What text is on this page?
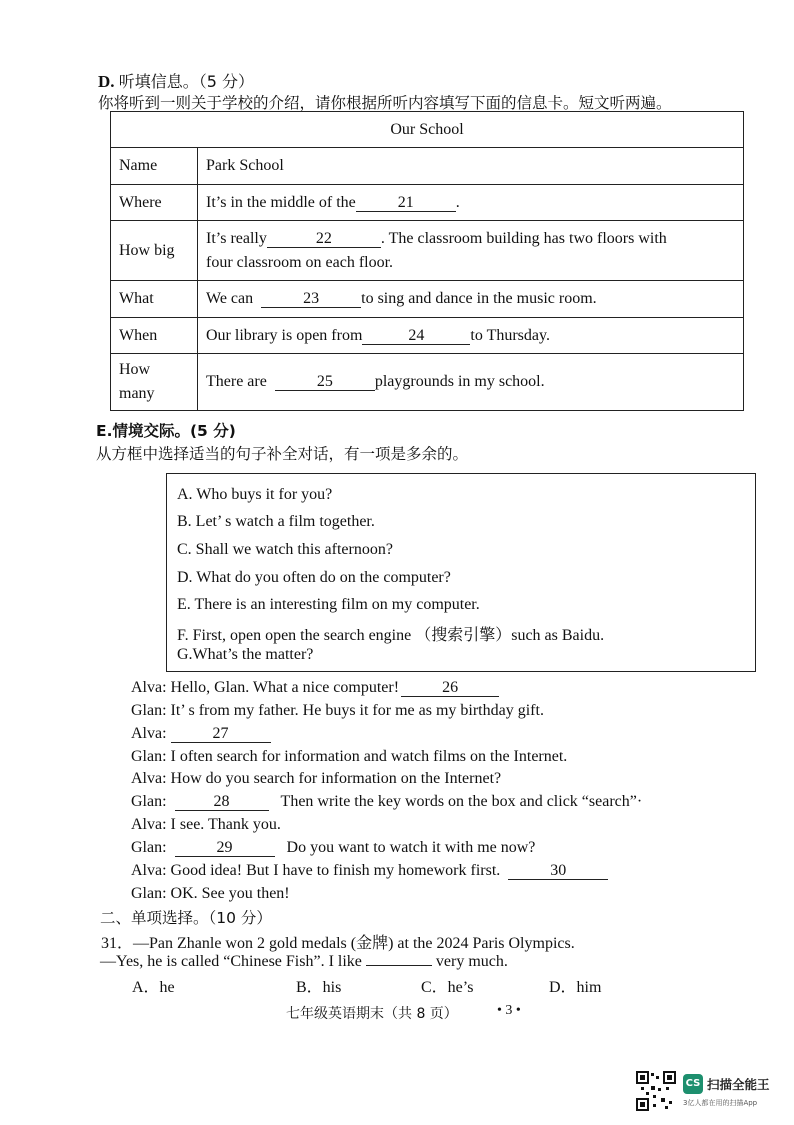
D. 听填信息。（5 分）
你将听到一则关于学校的介绍，请你根据所听内容填写下面的信息卡。短文听两遍。
Our School	
Name	Park School
Where	It’s in the middle of the 21 .
How big	It’s really 22 . The classroom building has two floors with
four classroom on each floor.
What	We can 23 to sing and dance in the music room.
When	Our library is open from 24 to Thursday.
How
many	There are 25 playgrounds in my school.
E.情境交际。(5 分)
从方框中选择适当的句子补全对话，有一项是多余的。
A. Who buys it for you?
B. Let’ s watch a film together.
C. Shall we watch this afternoon?
D. What do you often do on the computer?
E. There is an interesting film on my computer.
F. First, open open the search engine （搜索引擎）such as Baidu.
G.What’s the matter?
Alva: Hello, Glan. What a nice computer!	26
Glan: It’ s from my father. He buys it for me as my birthday gift.
Alva:	27
Glan: I often search for information and watch films on the Internet.
Alva: How do you search for information on the Internet?
Glan:	28	Then write the key words on the box and click “search”·
Alva: I see. Thank you.
Glan:	29	Do you want to watch it with me now?
Alva: Good idea! But I have to finish my homework first.	30
Glan: OK. See you then!
二、单项选择。（10 分）
31．—Pan Zhanle won 2 gold medals (金牌) at the 2024 Paris Olympics.
—Yes, he is called “Chinese Fish”. I like	very much.
A．he	B．his	C．he’s	D．him
七年级英语期末（共 8 页）	• 3 •
CS 扫描全能王
3亿人都在用的扫描App
